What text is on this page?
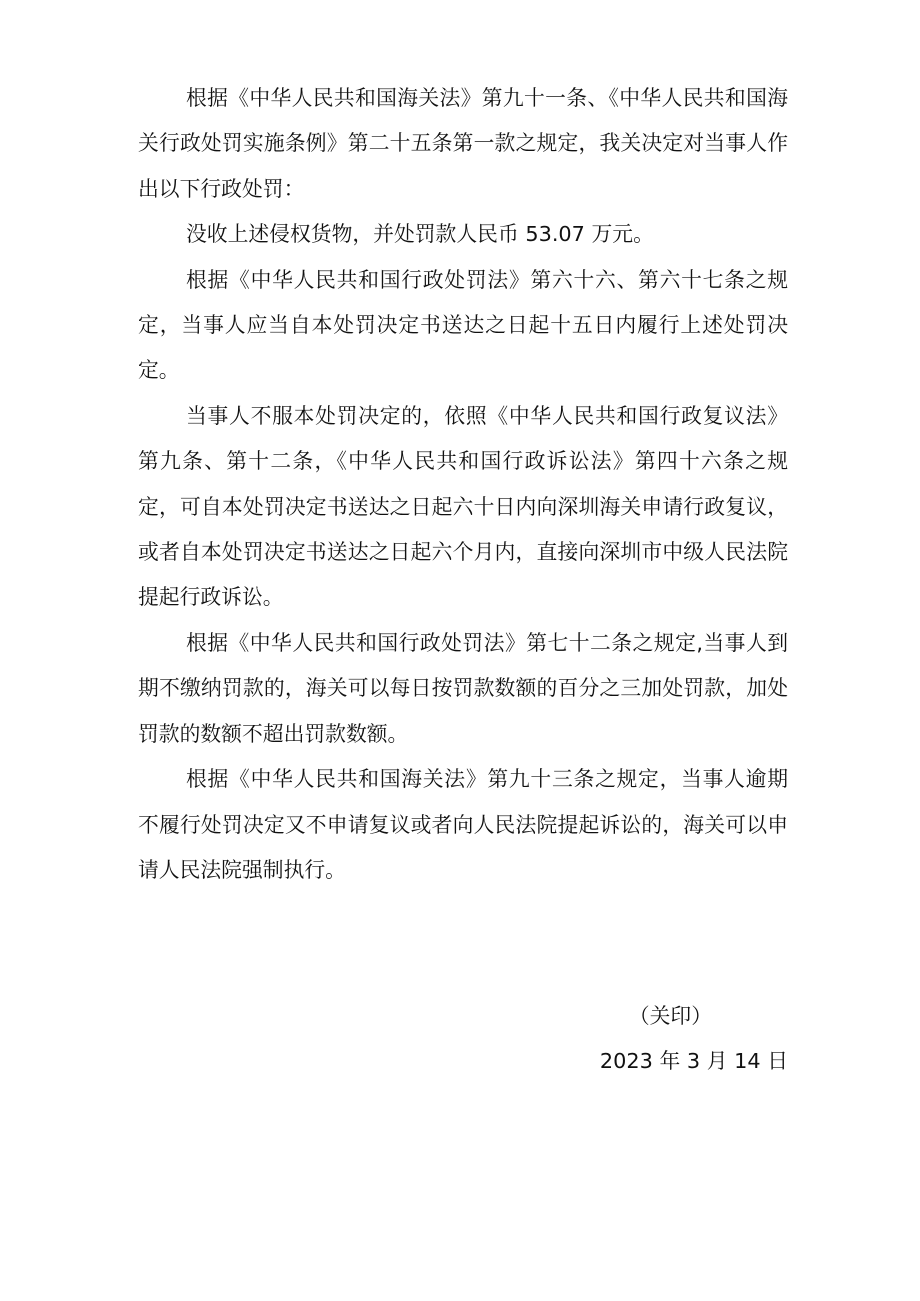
根据《中华人民共和国海关法》第九十一条、《中华人民共和国海关行政处罚实施条例》第二十五条第一款之规定，我关决定对当事人作出以下行政处罚：

没收上述侵权货物，并处罚款人民币 53.07 万元。

根据《中华人民共和国行政处罚法》第六十六、第六十七条之规定，当事人应当自本处罚决定书送达之日起十五日内履行上述处罚决定。

当事人不服本处罚决定的，依照《中华人民共和国行政复议法》第九条、第十二条，《中华人民共和国行政诉讼法》第四十六条之规定，可自本处罚决定书送达之日起六十日内向深圳海关申请行政复议，或者自本处罚决定书送达之日起六个月内，直接向深圳市中级人民法院提起行政诉讼。

根据《中华人民共和国行政处罚法》第七十二条之规定,当事人到期不缴纳罚款的，海关可以每日按罚款数额的百分之三加处罚款，加处罚款的数额不超出罚款数额。

根据《中华人民共和国海关法》第九十三条之规定，当事人逾期不履行处罚决定又不申请复议或者向人民法院提起诉讼的，海关可以申请人民法院强制执行。

（关印）

2023 年 3 月 14 日
